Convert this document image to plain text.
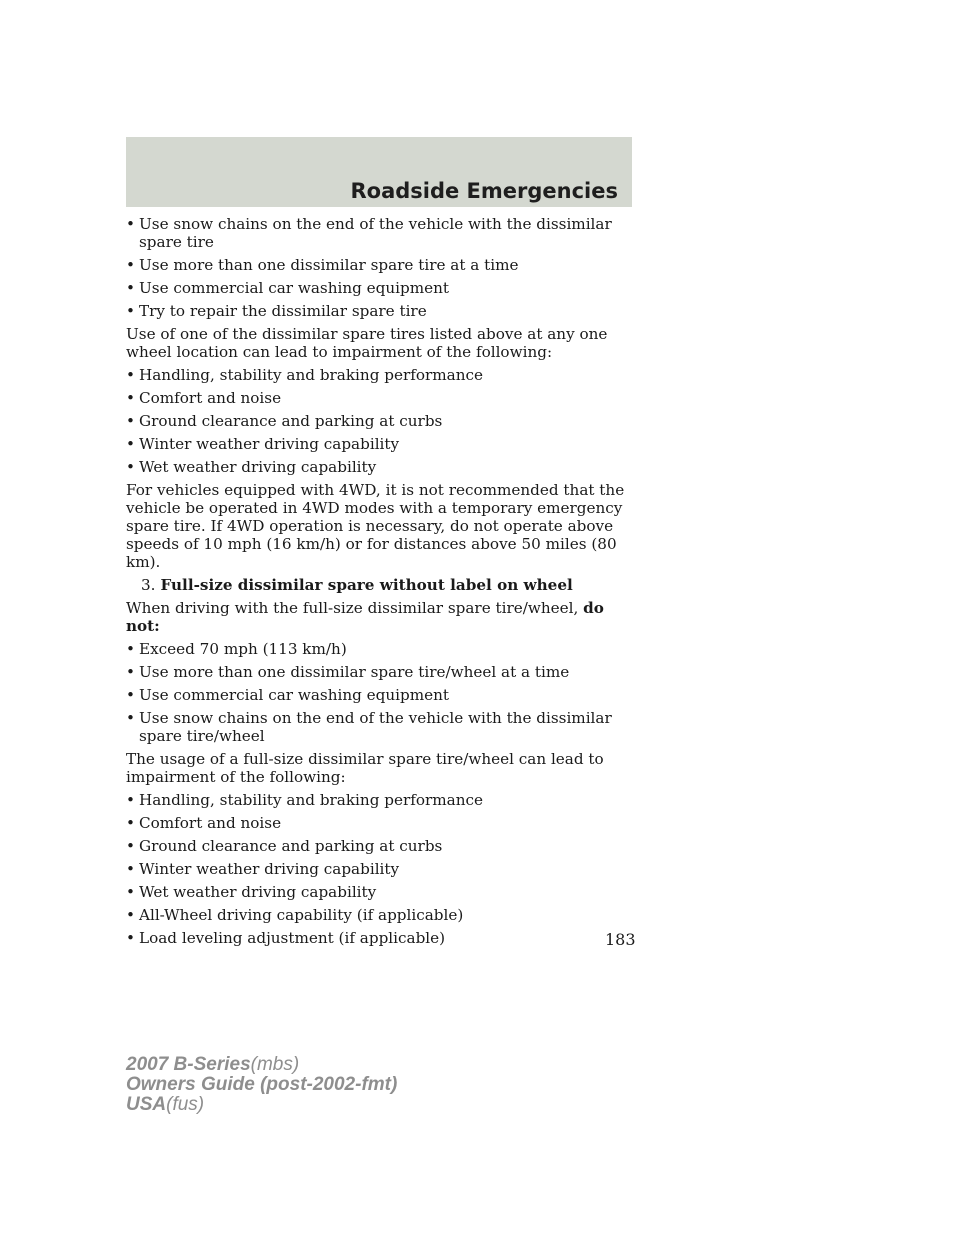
Roadside Emergencies
• Use snow chains on the end of the vehicle with the dissimilar spare tire
• Use more than one dissimilar spare tire at a time
• Use commercial car washing equipment
• Try to repair the dissimilar spare tire

Use of one of the dissimilar spare tires listed above at any one wheel location can lead to impairment of the following:

• Handling, stability and braking performance
• Comfort and noise
• Ground clearance and parking at curbs
• Winter weather driving capability
• Wet weather driving capability

For vehicles equipped with 4WD, it is not recommended that the vehicle be operated in 4WD modes with a temporary emergency spare tire. If 4WD operation is necessary, do not operate above speeds of 10 mph (16 km/h) or for distances above 50 miles (80 km).

3. Full-size dissimilar spare without label on wheel

When driving with the full-size dissimilar spare tire/wheel, do not:

• Exceed 70 mph (113 km/h)
• Use more than one dissimilar spare tire/wheel at a time
• Use commercial car washing equipment
• Use snow chains on the end of the vehicle with the dissimilar spare tire/wheel

The usage of a full-size dissimilar spare tire/wheel can lead to impairment of the following:

• Handling, stability and braking performance
• Comfort and noise
• Ground clearance and parking at curbs
• Winter weather driving capability
• Wet weather driving capability
• All-Wheel driving capability (if applicable)
• Load leveling adjustment (if applicable)	183
2007 B-Series(mbs)
Owners Guide (post-2002-fmt)
USA(fus)
